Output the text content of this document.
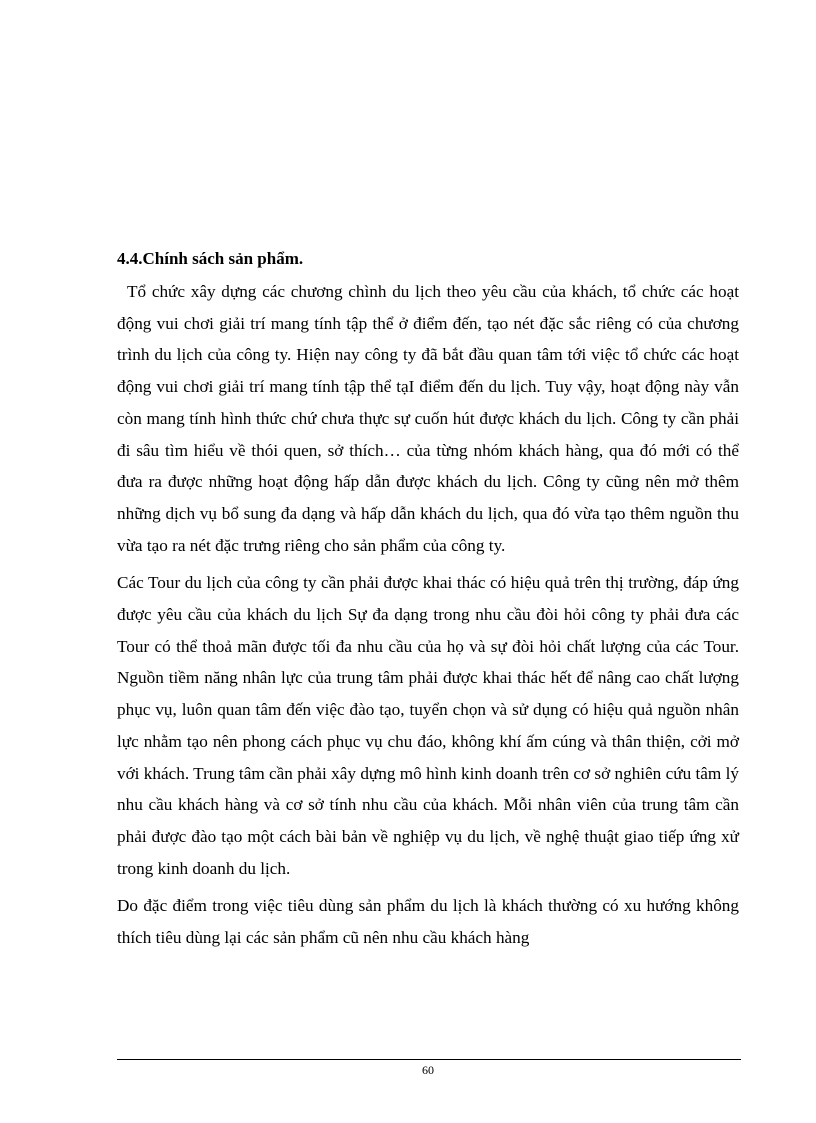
4.4.Chính sách sản phẩm.

Tổ chức xây dựng các chương chình du lịch theo yêu cầu của khách, tổ chức các hoạt động vui chơi giải trí mang tính tập thể ở điểm đến, tạo nét đặc sắc riêng có của chương trình du lịch của công ty. Hiện nay công ty đã bắt đầu quan tâm tới việc tổ chức các hoạt động vui chơi giải trí mang tính tập thể tạI điểm đến du lịch. Tuy vậy, hoạt động này vẫn còn mang tính hình thức chứ chưa thực sự cuốn hút được khách du lịch. Công ty cần phải đi sâu tìm hiểu về thói quen, sở thích… của từng nhóm khách hàng, qua đó mới có thể đưa ra được những hoạt động hấp dẫn được khách du lịch. Công ty cũng nên mở thêm những dịch vụ bổ sung đa dạng và hấp dẫn khách du lịch, qua đó vừa tạo thêm nguồn thu vừa tạo ra nét đặc trưng riêng cho sản phẩm của công ty.

Các Tour du lịch của công ty cần phải được khai thác có hiệu quả trên thị trường, đáp ứng được yêu cầu của khách du lịch Sự đa dạng trong nhu cầu đòi hỏi công ty phải đưa các Tour có thể thoả mãn được tối đa nhu cầu của họ và sự đòi hỏi chất lượng của các Tour. Nguồn tiềm năng nhân lực của trung tâm phải được khai thác hết để nâng cao chất lượng phục vụ, luôn quan tâm đến việc đào tạo, tuyển chọn và sử dụng có hiệu quả nguồn nhân lực nhằm tạo nên phong cách phục vụ chu đáo, không khí ấm cúng và thân thiện, cởi mở với khách. Trung tâm cần phải xây dựng mô hình kinh doanh trên cơ sở nghiên cứu tâm lý nhu cầu khách hàng và cơ sở tính nhu cầu của khách. Mỗi nhân viên của trung tâm cần phải được đào tạo một cách bài bản về nghiệp vụ du lịch, về nghệ thuật giao tiếp ứng xử trong kinh doanh du lịch.

Do đặc điểm trong việc tiêu dùng sản phẩm du lịch là khách thường có xu hướng không thích tiêu dùng lại các sản phẩm cũ nên nhu cầu khách hàng

60
